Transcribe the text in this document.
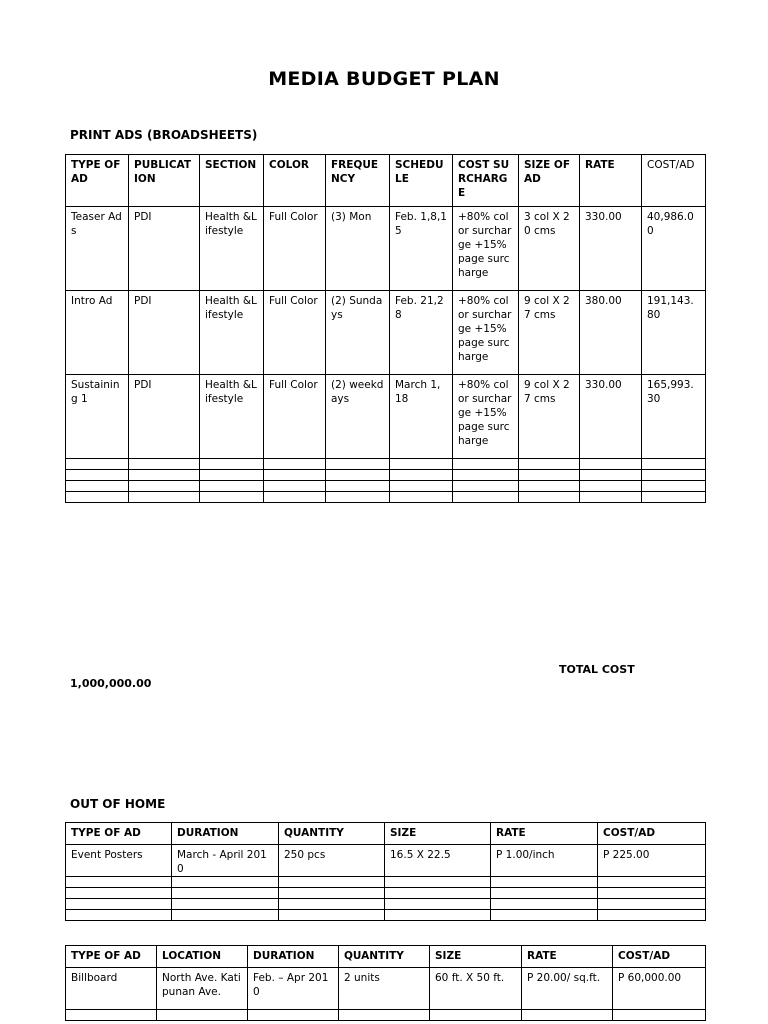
MEDIA BUDGET PLAN
PRINT ADS (BROADSHEETS)
TYPE OF AD	PUBLICATION	SECTION	COLOR	FREQUENCY	SCHEDULE	COST SURCHARGE	SIZE OF AD	RATE	COST/AD
Teaser Ads	PDI	Health &Lifestyle	Full Color	(3) Mon	Feb. 1,8,15	+80% color surcharge +15% page surcharge	3 col X 20 cms	330.00	40,986.00
Intro Ad	PDI	Health &Lifestyle	Full Color	(2) Sundays	Feb. 21,28	+80% color surcharge +15% page surcharge	9 col X 27 cms	380.00	191,143.80
Sustaining 1	PDI	Health &Lifestyle	Full Color	(2) weekdays	March 1,18	+80% color surcharge +15% page surcharge	9 col X 27 cms	330.00	165,993.30

TOTAL COST
1,000,000.00
OUT OF HOME
TYPE OF AD	DURATION	QUANTITY	SIZE	RATE	COST/AD
Event Posters	March - April 2010	250 pcs	16.5 X 22.5	P 1.00/inch	P 225.00

TYPE OF AD	LOCATION	DURATION	QUANTITY	SIZE	RATE	COST/AD
Billboard	North Ave. Katipunan Ave.	Feb. – Apr 2010	2 units	60 ft. X 50 ft.	P 20.00/ sq.ft.	P 60,000.00
